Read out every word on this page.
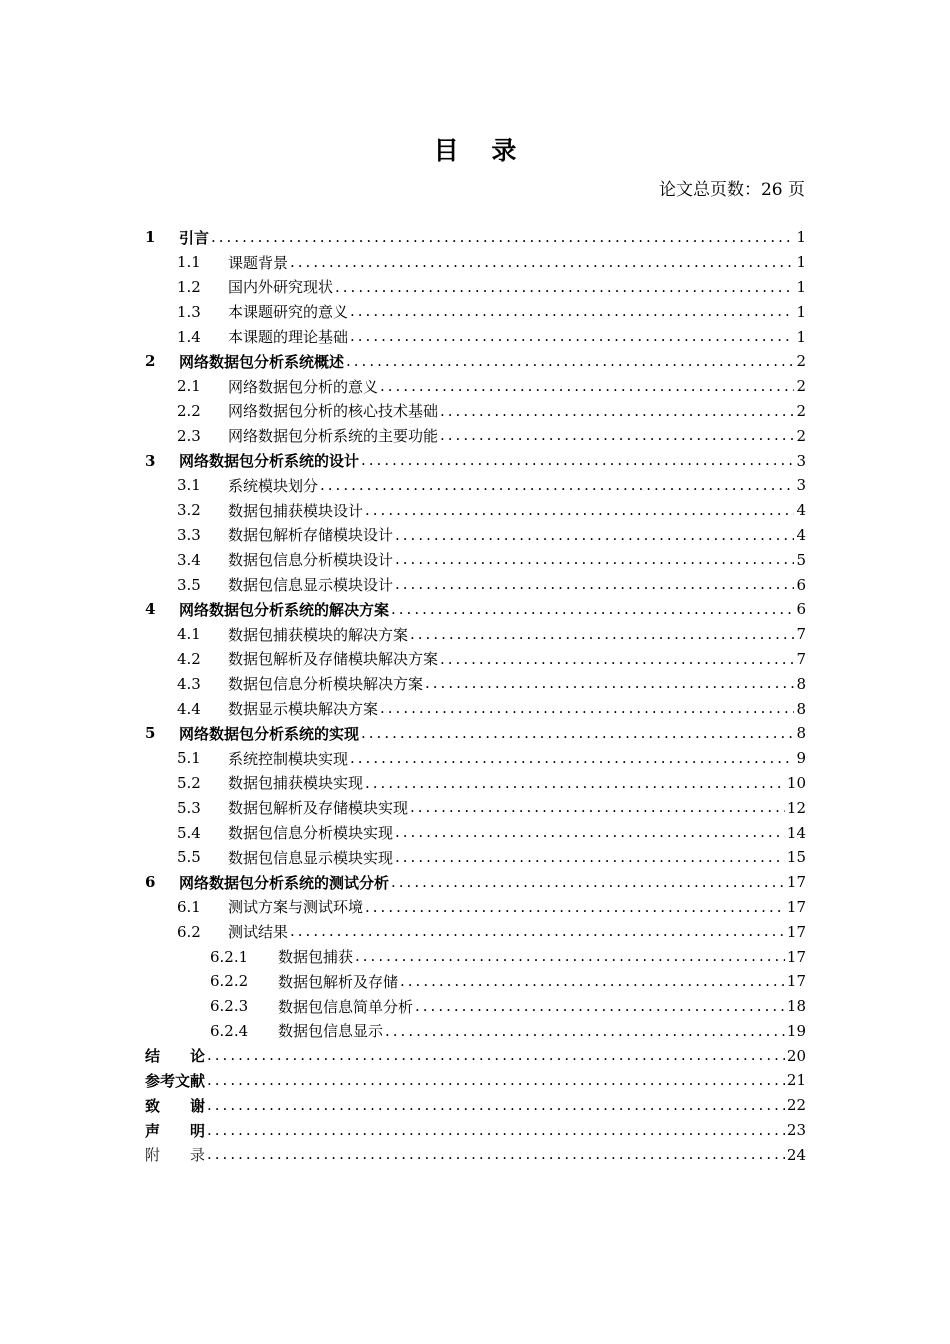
目 录
论文总页数：26 页
1	引言 .....	1
1.1	课题背景 .....	1
1.2	国内外研究现状 .....	1
1.3	本课题研究的意义 .....	1
1.4	本课题的理论基础 .....	1
2	网络数据包分析系统概述 .....	2
2.1	网络数据包分析的意义 .....	2
2.2	网络数据包分析的核心技术基础 .....	2
2.3	网络数据包分析系统的主要功能 .....	2
3	网络数据包分析系统的设计 .....	3
3.1	系统模块划分 .....	3
3.2	数据包捕获模块设计 .....	4
3.3	数据包解析存储模块设计 .....	4
3.4	数据包信息分析模块设计 .....	5
3.5	数据包信息显示模块设计 .....	6
4	网络数据包分析系统的解决方案 .....	6
4.1	数据包捕获模块的解决方案 .....	7
4.2	数据包解析及存储模块解决方案 .....	7
4.3	数据包信息分析模块解决方案 .....	8
4.4	数据显示模块解决方案 .....	8
5	网络数据包分析系统的实现 .....	8
5.1	系统控制模块实现 .....	9
5.2	数据包捕获模块实现 .....	10
5.3	数据包解析及存储模块实现 .....	12
5.4	数据包信息分析模块实现 .....	14
5.5	数据包信息显示模块实现 .....	15
6	网络数据包分析系统的测试分析 .....	17
6.1	测试方案与测试环境 .....	17
6.2	测试结果 .....	17
6.2.1	数据包捕获 .....	17
6.2.2	数据包解析及存储 .....	17
6.2.3	数据包信息简单分析 .....	18
6.2.4	数据包信息显示 .....	19
结　　论 .....	20
参考文献 .....	21
致　　谢 .....	22
声　　明 .....	23
附　　录 .....	24
